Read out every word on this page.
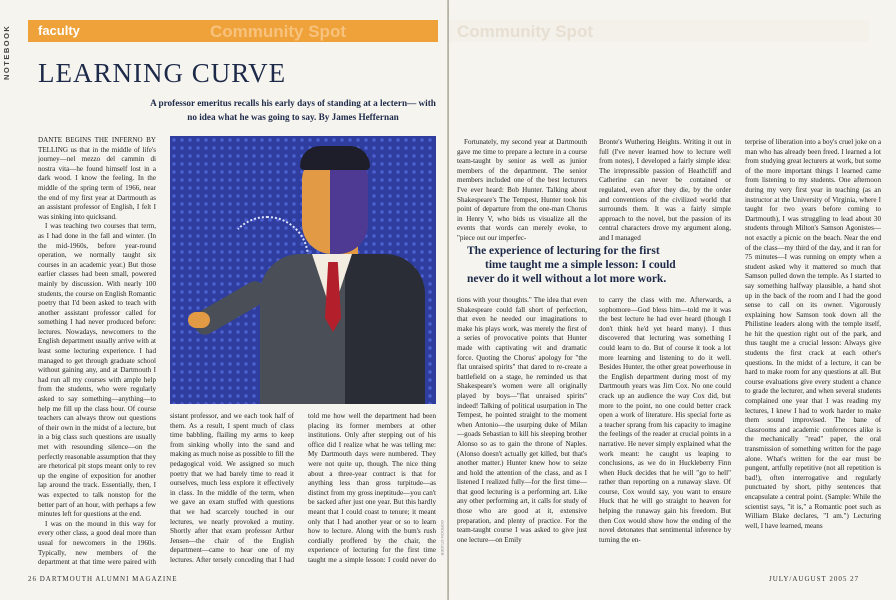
NOTEBOOK faculty	Community Spot
LEARNING CURVE
A professor emeritus recalls his early days of standing at a lectern— with no idea what he was going to say. By James Heffernan

DANTE BEGINS THE INFERNO BY TELLING us that in the middle of life's journey—nel mezzo del cammin di nostra vita—he found himself lost in a dark wood. I know the feeling. In the middle of the spring term of 1966, near the end of my first year at Dartmouth as an assistant professor of English, I felt I was sinking into quicksand.

I was teaching two courses that term, as I had done in the fall and winter. (In the mid-1960s, before year-round operation, we normally taught six courses in an academic year.) But those earlier classes had been small, powered mainly by discussion. With nearly 100 students, the course on English Romantic poetry that I'd been asked to teach with another assistant professor called for something I had never produced before: lectures. Nowadays, newcomers to the English department usually arrive with at least some lecturing experience. I had managed to get through graduate school without gaining any, and at Dartmouth I had run all my courses with ample help from the students, who were regularly asked to say something—anything—to help me fill up the class hour. Of course teachers can always throw out questions of their own in the midst of a lecture, but in a big class such questions are usually met with resounding silence—on the perfectly reasonable assumption that they are rhetorical pit stops meant only to rev up the engine of exposition for another lap around the track. Essentially, then, I was expected to talk nonstop for the better part of an hour, with perhaps a few minutes left for questions at the end.

I was on the mound in this way for every other class, a good deal more than usual for newcomers in the 1960s. Typically, new members of the department at that time were paired with

GORDON STUDER

sistant professor, and we each took half of them. As a result, I spent much of class time babbling, flailing my arms to keep from sinking wholly into the sand and making as much noise as possible to fill the pedagogical void. We assigned so much poetry that we had barely time to read it ourselves, much less explore it effectively in class. In the middle of the term, when we gave an exam stuffed with questions that we had scarcely touched in our lectures, we nearly provoked a mutiny. Shortly after that exam professor Arthur Jensen—the chair of the English department—came to hear one of my lectures. After tersely conceding that I had

told me how well the department had been placing its former members at other institutions. Only after stepping out of his office did I realize what he was telling me: My Dartmouth days were numbered. They were not quite up, though. The nice thing about a three-year contract is that for anything less than gross turpitude—as distinct from my gross ineptitude—you can't be sacked after just one year. But this hardly meant that I could coast to tenure; it meant only that I had another year or so to learn how to lecture. Along with the bum's rush cordially proffered by the chair, the experience of lecturing for the first time taught me a simple lesson: I could never do

26 DARTMOUTH ALUMNI MAGAZINE
Community Spot

Fortunately, my second year at Dartmouth gave me time to prepare a lecture in a course team-taught by senior as well as junior members of the department. The senior members included one of the best lecturers I've ever heard: Bob Hunter. Talking about Shakespeare's The Tempest, Hunter took his point of departure from the one-man Chorus in Henry V, who bids us visualize all the events that words can merely evoke, to "piece out our imperfec-

Bronte's Wuthering Heights. Writing it out in full (I've never learned how to lecture well from notes), I developed a fairly simple idea: The irrepressible passion of Heathcliff and Catherine can never be contained or regulated, even after they die, by the order and conventions of the civilized world that surrounds them. It was a fairly simple approach to the novel, but the passion of its central characters drove my argument along, and I managed

The experience of lecturing for the first
time taught me a simple lesson: I could
never do it well without a lot more work.

tions with your thoughts." The idea that even Shakespeare could fall short of perfection, that even he needed our imaginations to make his plays work, was merely the first of a series of provocative points that Hunter made with captivating wit and dramatic force. Quoting the Chorus' apology for "the flat unraised spirits" that dared to re-create a battlefield on a stage, he reminded us that Shakespeare's women were all originally played by boys—"flat unraised spirits" indeed! Talking of political usurpation in The Tempest, he pointed straight to the moment when Antonio—the usurping duke of Milan—goads Sebastian to kill his sleeping brother Alonso so as to gain the throne of Naples. (Alonso doesn't actually get killed, but that's another matter.) Hunter knew how to seize and hold the attention of the class, and as I listened I realized fully—for the first time—that good lecturing is a performing art. Like any other performing art, it calls for study of those who are good at it, extensive preparation, and plenty of practice. For the team-taught course I was asked to give just one lecture—on Emily

to carry the class with me. Afterwards, a sophomore—God bless him—told me it was the best lecture he had ever heard (though I don't think he'd yet heard many). I thus discovered that lecturing was something I could learn to do. But of course it took a lot more learning and listening to do it well. Besides Hunter, the other great powerhouse in the English department during most of my Dartmouth years was Jim Cox. No one could crack up an audience the way Cox did, but more to the point, no one could better crack open a work of literature. His special forte as a teacher sprang from his capacity to imagine the feelings of the reader at crucial points in a narrative. He never simply explained what the work meant: he caught us leaping to conclusions, as we do in Huckleberry Finn when Huck decides that he will "go to hell" rather than reporting on a runaway slave. Of course, Cox would say, you want to ensure Huck that he will go straight to heaven for helping the runaway gain his freedom. But then Cox would show how the ending of the novel detonates that sentimental inference by turning the en-

terprise of liberation into a boy's cruel joke on a man who has already been freed. I learned a lot from studying great lecturers at work, but some of the more important things I learned came from listening to my students. One afternoon during my very first year in teaching (as an instructor at the University of Virginia, where I taught for two years before coming to Dartmouth), I was struggling to lead about 30 students through Milton's Samson Agonistes—not exactly a picnic on the beach. Near the end of the class—my third of the day, and it ran for 75 minutes—I was running on empty when a student asked why it mattered so much that Samson pulled down the temple. As I started to say something halfway plausible, a hand shot up in the back of the room and I had the good sense to call on its owner. Vigorously explaining how Samson took down all the Philistine leaders along with the temple itself, he hit the question right out of the park, and thus taught me a crucial lesson: Always give students the first crack at each other's questions. In the midst of a lecture, it can be hard to make room for any questions at all. But course evaluations give every student a chance to grade the lecturer, and when several students complained one year that I was reading my lectures, I knew I had to work harder to make them sound improvised. The bane of classrooms and academic conferences alike is the mechanically "read" paper, the oral transmission of something written for the page alone. What's written for the ear must be pungent, artfully repetitive (not all repetition is bad!), often interrogative and regularly punctuated by short, pithy sentences that encapsulate a central point. (Sample: While the scientist says, "it is," a Romantic poet such as William Blake declares, "I am.") Lecturing well, I have learned, means

JULY/AUGUST 2005 27
